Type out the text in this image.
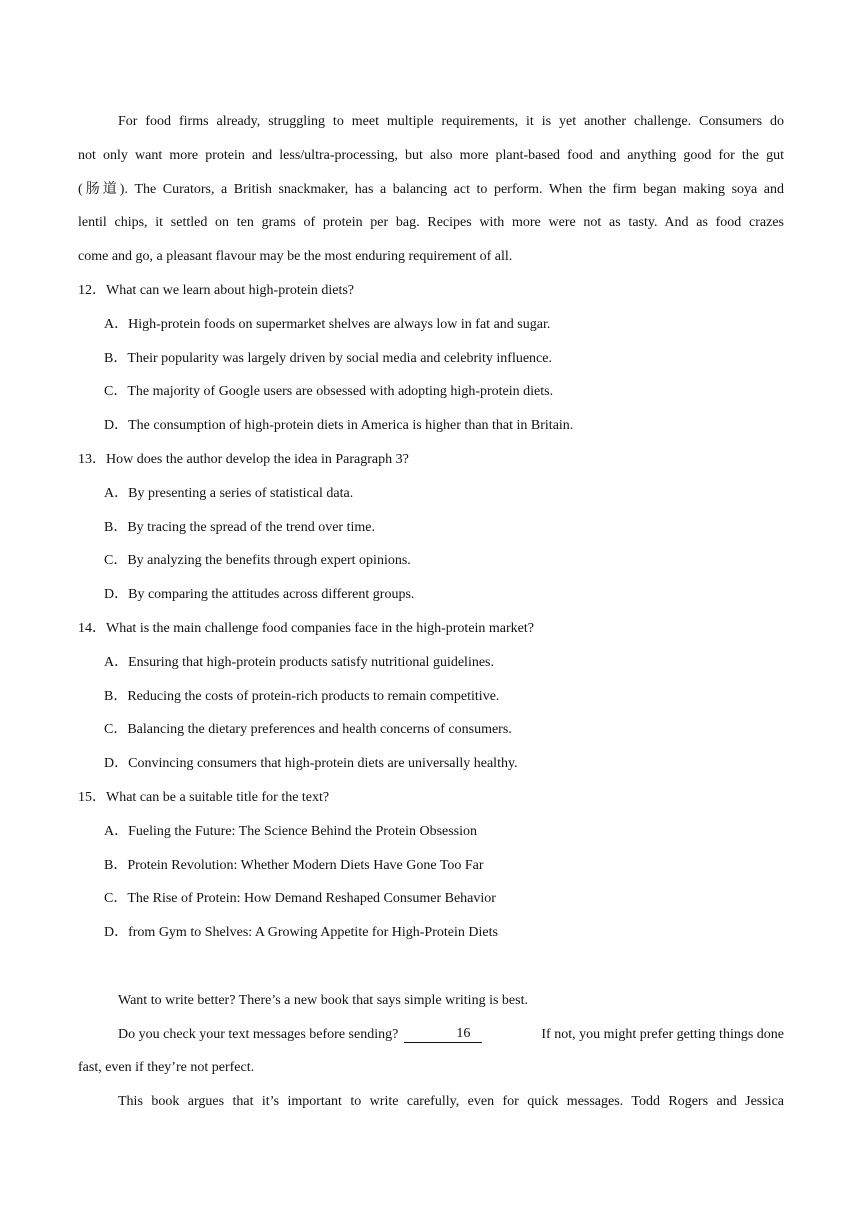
For food firms already, struggling to meet multiple requirements, it is yet another challenge. Consumers do
not only want more protein and less/ultra-processing, but also more plant-based food and anything good for the gut
(肠道). The Curators, a British snackmaker, has a balancing act to perform. When the firm began making soya and
lentil chips, it settled on ten grams of protein per bag. Recipes with more were not as tasty. And as food crazes
come and go, a pleasant flavour may be the most enduring requirement of all.
12．What can we learn about high-protein diets?
A．High-protein foods on supermarket shelves are always low in fat and sugar.
B．Their popularity was largely driven by social media and celebrity influence.
C．The majority of Google users are obsessed with adopting high-protein diets.
D．The consumption of high-protein diets in America is higher than that in Britain.
13．How does the author develop the idea in Paragraph 3?
A．By presenting a series of statistical data.
B．By tracing the spread of the trend over time.
C．By analyzing the benefits through expert opinions.
D．By comparing the attitudes across different groups.
14．What is the main challenge food companies face in the high-protein market?
A．Ensuring that high-protein products satisfy nutritional guidelines.
B．Reducing the costs of protein-rich products to remain competitive.
C．Balancing the dietary preferences and health concerns of consumers.
D．Convincing consumers that high-protein diets are universally healthy.
15．What can be a suitable title for the text?
A．Fueling the Future: The Science Behind the Protein Obsession
B．Protein Revolution: Whether Modern Diets Have Gone Too Far
C．The Rise of Protein: How Demand Reshaped Consumer Behavior
D．from Gym to Shelves: A Growing Appetite for High-Protein Diets
Want to write better? There’s a new book that says simple writing is best.
Do you check your text messages before sending?	16	If not, you might prefer getting things done
fast, even if they’re not perfect.
This book argues that it’s important to write carefully, even for quick messages. Todd Rogers and Jessica
